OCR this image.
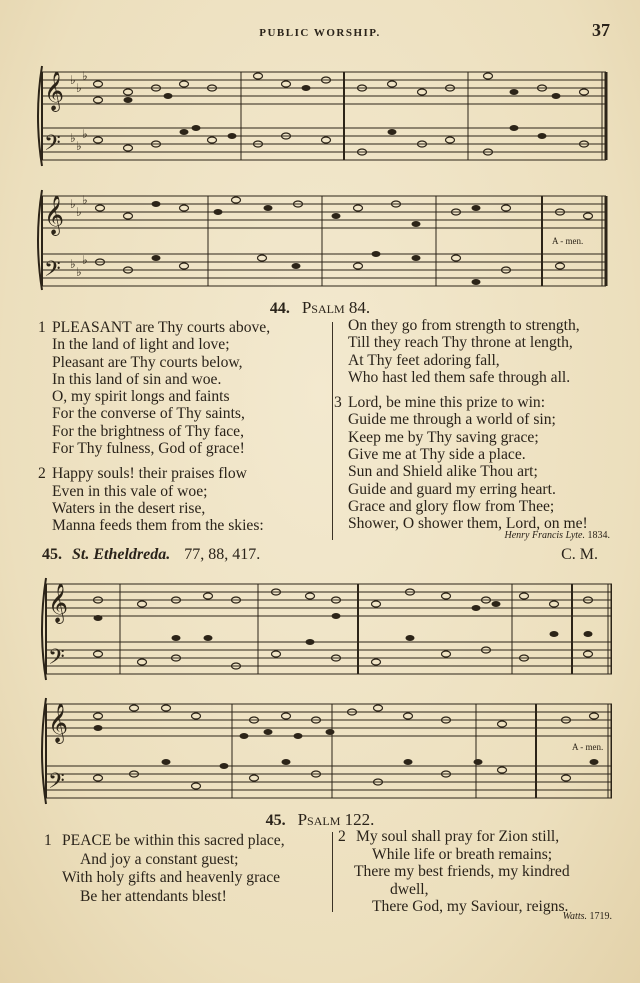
PUBLIC WORSHIP.	37
𝄞
𝄢
♭
♭
♭
♭
♭
♭
𝄞
𝄢
♭
♭
♭
♭
♭
♭
A - men.
44. Psalm 84.
1 PLEASANT are Thy courts above,
In the land of light and love;
Pleasant are Thy courts below,
In this land of sin and woe.
O, my spirit longs and faints
For the converse of Thy saints,
For the brightness of Thy face,
For Thy fulness, God of grace!
2 Happy souls! their praises flow
Even in this vale of woe;
Waters in the desert rise,
Manna feeds them from the skies:
On they go from strength to strength,
Till they reach Thy throne at length,
At Thy feet adoring fall,
Who hast led them safe through all.
3 Lord, be mine this prize to win:
Guide me through a world of sin;
Keep me by Thy saving grace;
Give me at Thy side a place.
Sun and Shield alike Thou art;
Guide and guard my erring heart.
Grace and glory flow from Thee;
Shower, O shower them, Lord, on me!
Henry Francis Lyte. 1834.
45. St. Etheldreda. 77, 88, 417.	C. M.
𝄞
𝄢
𝄞
𝄢
A - men.
45. Psalm 122.
1 PEACE be within this sacred place,
And joy a constant guest;
With holy gifts and heavenly grace
Be her attendants blest!
2 My soul shall pray for Zion still,
While life or breath remains;
There my best friends, my kindred
dwell,
There God, my Saviour, reigns.
Watts. 1719.
